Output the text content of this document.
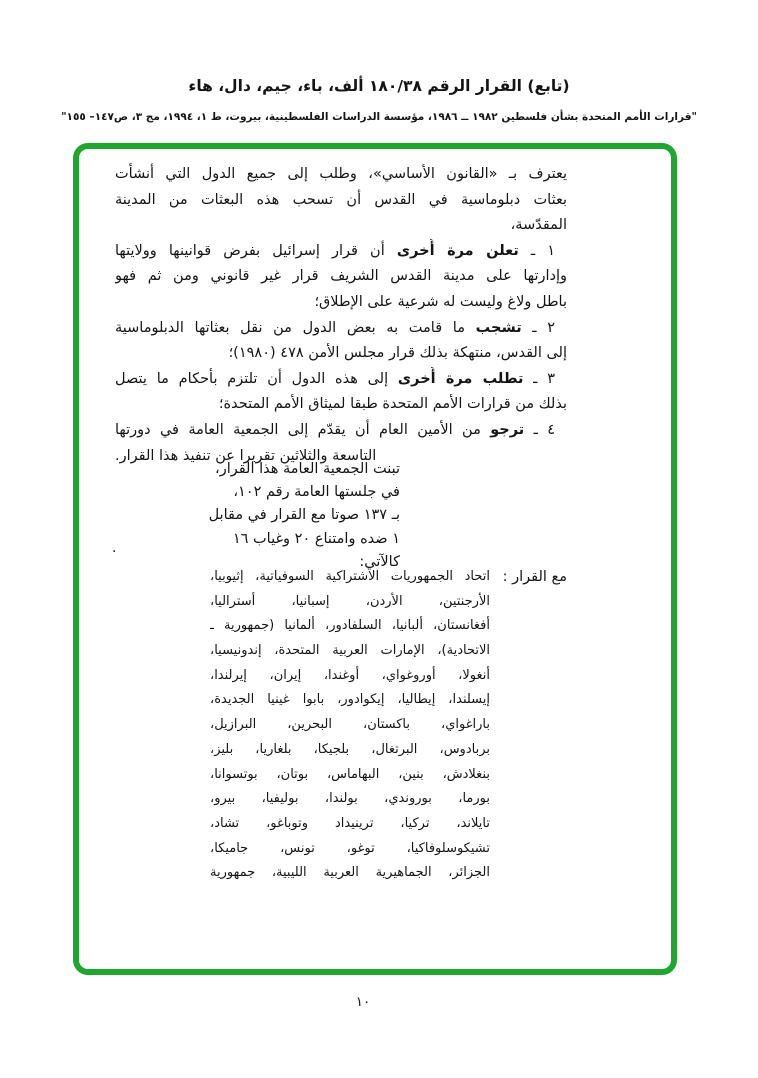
(تابع) القرار الرقم ١٨٠/٣٨ ألف، باء، جيم، دال، هاء
"قرارات الأمم المتحدة بشأن فلسطين ١٩٨٢ ــ ١٩٨٦، مؤسسة الدراسات الفلسطينية، بيروت، ط ١، ١٩٩٤، مج ٣، ص١٤٧– ١٥٥"
يعترف بـ «القانون الأساسي»، وطلب إلى جميع الدول التي أنشأت
بعثات دبلوماسية في القدس أن تسحب هذه البعثات من المدينة
المقدّسة،
١ ـ تعلن مرة أُخرى أن قرار إسرائيل بفرض قوانينها وولايتها
وإدارتها على مدينة القدس الشريف قرار غير قانوني ومن ثم فهو
باطل ولاغ وليست له شرعية على الإطلاق؛
٢ ـ تشجب ما قامت به بعض الدول من نقل بعثاتها الدبلوماسية
إلى القدس، منتهكة بذلك قرار مجلس الأمن ٤٧٨ (١٩٨٠)؛
٣ ـ تطلب مرة أُخرى إلى هذه الدول أن تلتزم بأحكام ما يتصل
بذلك من قرارات الأمم المتحدة طبقا لميثاق الأمم المتحدة؛
٤ ـ ترجو من الأمين العام أن يقدّم إلى الجمعية العامة في دورتها
التاسعة والثلاثين تقريرا عن تنفيذ هذا القرار.
تبنت الجمعية العامة هذا القرار،
في جلستها العامة رقم ١٠٢،
بـ ١٣٧ صوتا مع القرار في مقابل
١ ضده وامتناع ٢٠ وغياب ١٦
كالآتي:
.
مع القرار :
اتحاد الجمهوريات الاشتراكية السوفياتية، إثيوبيا،
الأرجنتين، الأردن، إسبانيا، أستراليا،
أفغانستان، ألبانيا، السلفادور، ألمانيا (جمهورية ـ
الاتحادية)، الإمارات العربية المتحدة، إندونيسيا،
أنغولا، أوروغواي، أوغندا، إيران، إيرلندا،
إيسلندا، إيطاليا، إيكوادور، بابوا غينيا الجديدة،
باراغواي، باكستان، البحرين، البرازيل،
بربادوس، البرتغال، بلجيكا، بلغاريا، بليز،
بنغلادش، بنين، البهاماس، بوتان، بوتسوانا،
بورما، بوروندي، بولندا، بوليفيا، بيرو،
تايلاند، تركيا، ترينيداد وتوباغو، تشاد،
تشيكوسلوفاكيا، توغو، تونس، جاميكا،
الجزائر، الجماهيرية العربية الليبية، جمهورية
١٠
